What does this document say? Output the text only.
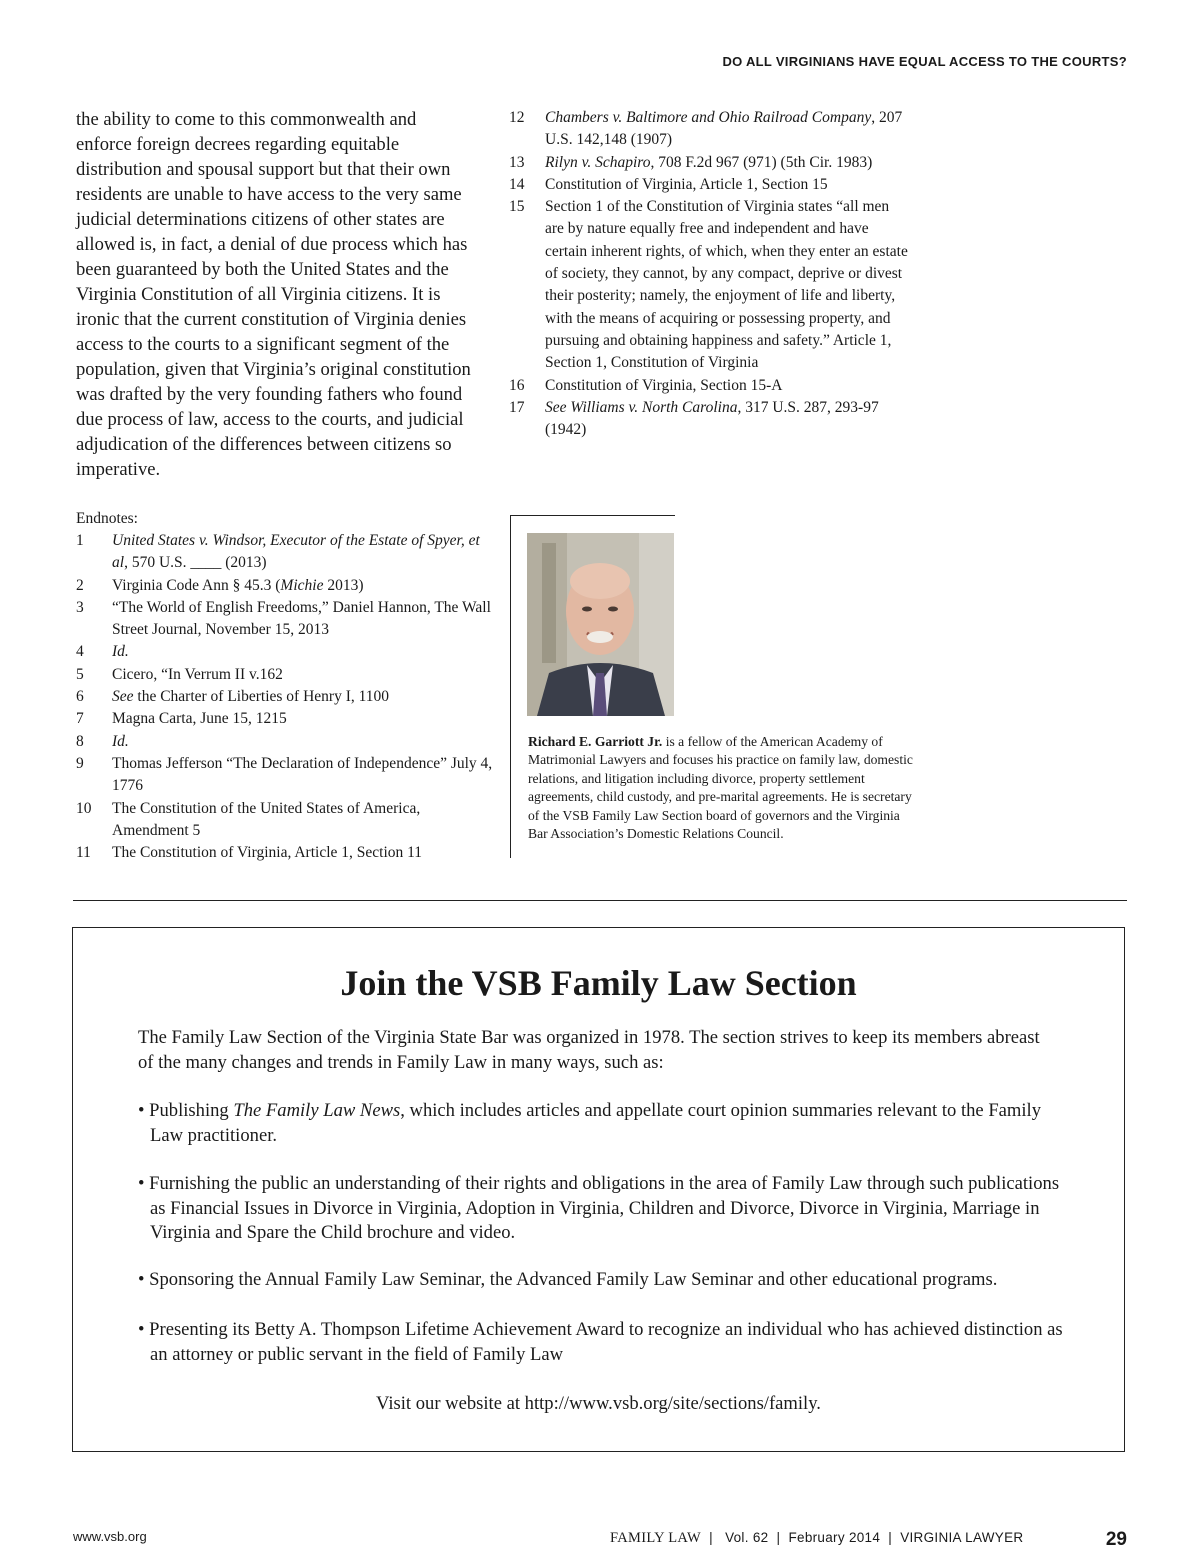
DO ALL VIRGINIANS HAVE EQUAL ACCESS TO THE COURTS?

the ability to come to this commonwealth and enforce foreign decrees regarding equitable distribution and spousal support but that their own residents are unable to have access to the very same judicial determinations citizens of other states are allowed is, in fact, a denial of due process which has been guaranteed by both the United States and the Virginia Constitution of all Virginia citizens. It is ironic that the current constitution of Virginia denies access to the courts to a significant segment of the population, given that Virginia’s original constitution was drafted by the very founding fathers who found due process of law, access to the courts, and judicial adjudication of the differences between citizens so imperative.

Endnotes:
1	United States v. Windsor, Executor of the Estate of Spyer, et al, 570 U.S. ____ (2013)
2	Virginia Code Ann § 45.3 (Michie 2013)
3	“The World of English Freedoms,” Daniel Hannon, The Wall Street Journal, November 15, 2013
4	Id.
5	Cicero, “In Verrum II v.162
6	See the Charter of Liberties of Henry I, 1100
7	Magna Carta, June 15, 1215
8	Id.
9	Thomas Jefferson “The Declaration of Independence” July 4, 1776
10	The Constitution of the United States of America, Amendment 5
11	The Constitution of Virginia, Article 1, Section 11
12	Chambers v. Baltimore and Ohio Railroad Company, 207 U.S. 142,148 (1907)
13	Rilyn v. Schapiro, 708 F.2d 967 (971) (5th Cir. 1983)
14	Constitution of Virginia, Article 1, Section 15
15	Section 1 of the Constitution of Virginia states “all men are by nature equally free and independent and have certain inherent rights, of which, when they enter an estate of society, they cannot, by any compact, deprive or divest their posterity; namely, the enjoyment of life and liberty, with the means of acquiring or possessing property, and pursuing and obtaining happiness and safety.” Article 1, Section 1, Constitution of Virginia
16	Constitution of Virginia, Section 15-A
17	See Williams v. North Carolina, 317 U.S. 287, 293-97 (1942)
Richard E. Garriott Jr. is a fellow of the American Academy of Matrimonial Lawyers and focuses his practice on family law, domestic relations, and litigation including divorce, property settlement agreements, child custody, and pre-marital agreements. He is secretary of the VSB Family Law Section board of governors and the Virginia Bar Association’s Domestic Relations Council.
Join the VSB Family Law Section
The Family Law Section of the Virginia State Bar was organized in 1978. The section strives to keep its members abreast of the many changes and trends in Family Law in many ways, such as:
• Publishing The Family Law News, which includes articles and appellate court opinion summaries relevant to the Family Law practitioner.
• Furnishing the public an understanding of their rights and obligations in the area of Family Law through such publications as Financial Issues in Divorce in Virginia, Adoption in Virginia, Children and Divorce, Divorce in Virginia, Marriage in Virginia and Spare the Child brochure and video.
• Sponsoring the Annual Family Law Seminar, the Advanced Family Law Seminar and other educational programs.
• Presenting its Betty A. Thompson Lifetime Achievement Award to recognize an individual who has achieved distinction as an attorney or public servant in the field of Family Law
Visit our website at http://www.vsb.org/site/sections/family.
www.vsb.org	FAMILY LAW  |   Vol. 62  |  February 2014  |  VIRGINIA LAWYER	29
